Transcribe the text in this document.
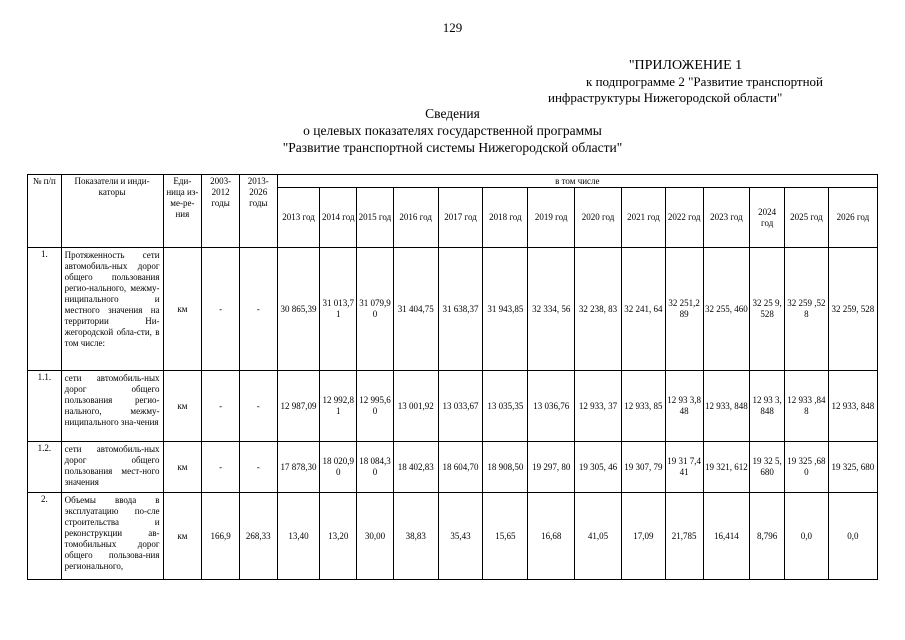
129
"ПРИЛОЖЕНИЕ 1
к подпрограмме 2 "Развитие транспортной
инфраструктуры Нижегородской области"
Сведения
о целевых показателях государственной программы
"Развитие транспортной системы Нижегородской области"
№ п/п	Показатели и инди-каторы	Еди-ница из-ме-ре-ния	2003-2012 годы	2013-2026 годы	в том числе													
					2013 год	2014 год	2015 год	2016 год	2017 год	2018 год	2019 год	2020 год	2021 год	2022 год	2023 год	2024 год	2025 год	2026 год
1.	Протяженность сети автомобиль-ных дорог общего пользования регио-нального, межму-ниципального и местного значения на территории Ни-жегородской обла-сти, в том числе:	км	-	-	30 865,39	31 013,71	31 079,90	31 404,75	31 638,37	31 943,85	32 334, 56	32 238, 83	32 241, 64	32 251,289	32 255, 460	32 25 9,528	32 259 ,528	32 259, 528
1.1.	сети автомобиль-ных дорог общего пользования регио-нального, межму-ниципального зна-чения	км	-	-	12 987,09	12 992,81	12 995,60	13 001,92	13 033,67	13 035,35	13 036,76	12 933, 37	12 933, 85	12 93 3,848	12 933, 848	12 93 3,848	12 933 ,848	12 933, 848
1.2.	сети автомобиль-ных дорог общего пользования мест-ного значения	км	-	-	17 878,30	18 020,90	18 084,30	18 402,83	18 604,70	18 908,50	19 297, 80	19 305, 46	19 307, 79	19 31 7,441	19 321, 612	19 32 5,680	19 325 ,680	19 325, 680
2.	Объемы ввода в эксплуатацию по-сле строительства и реконструкции ав-томобильных дорог общего пользова-ния регионального,	км	166,9	268,33	13,40	13,20	30,00	38,83	35,43	15,65	16,68	41,05	17,09	21,785	16,414	8,796	0,0	0,0
